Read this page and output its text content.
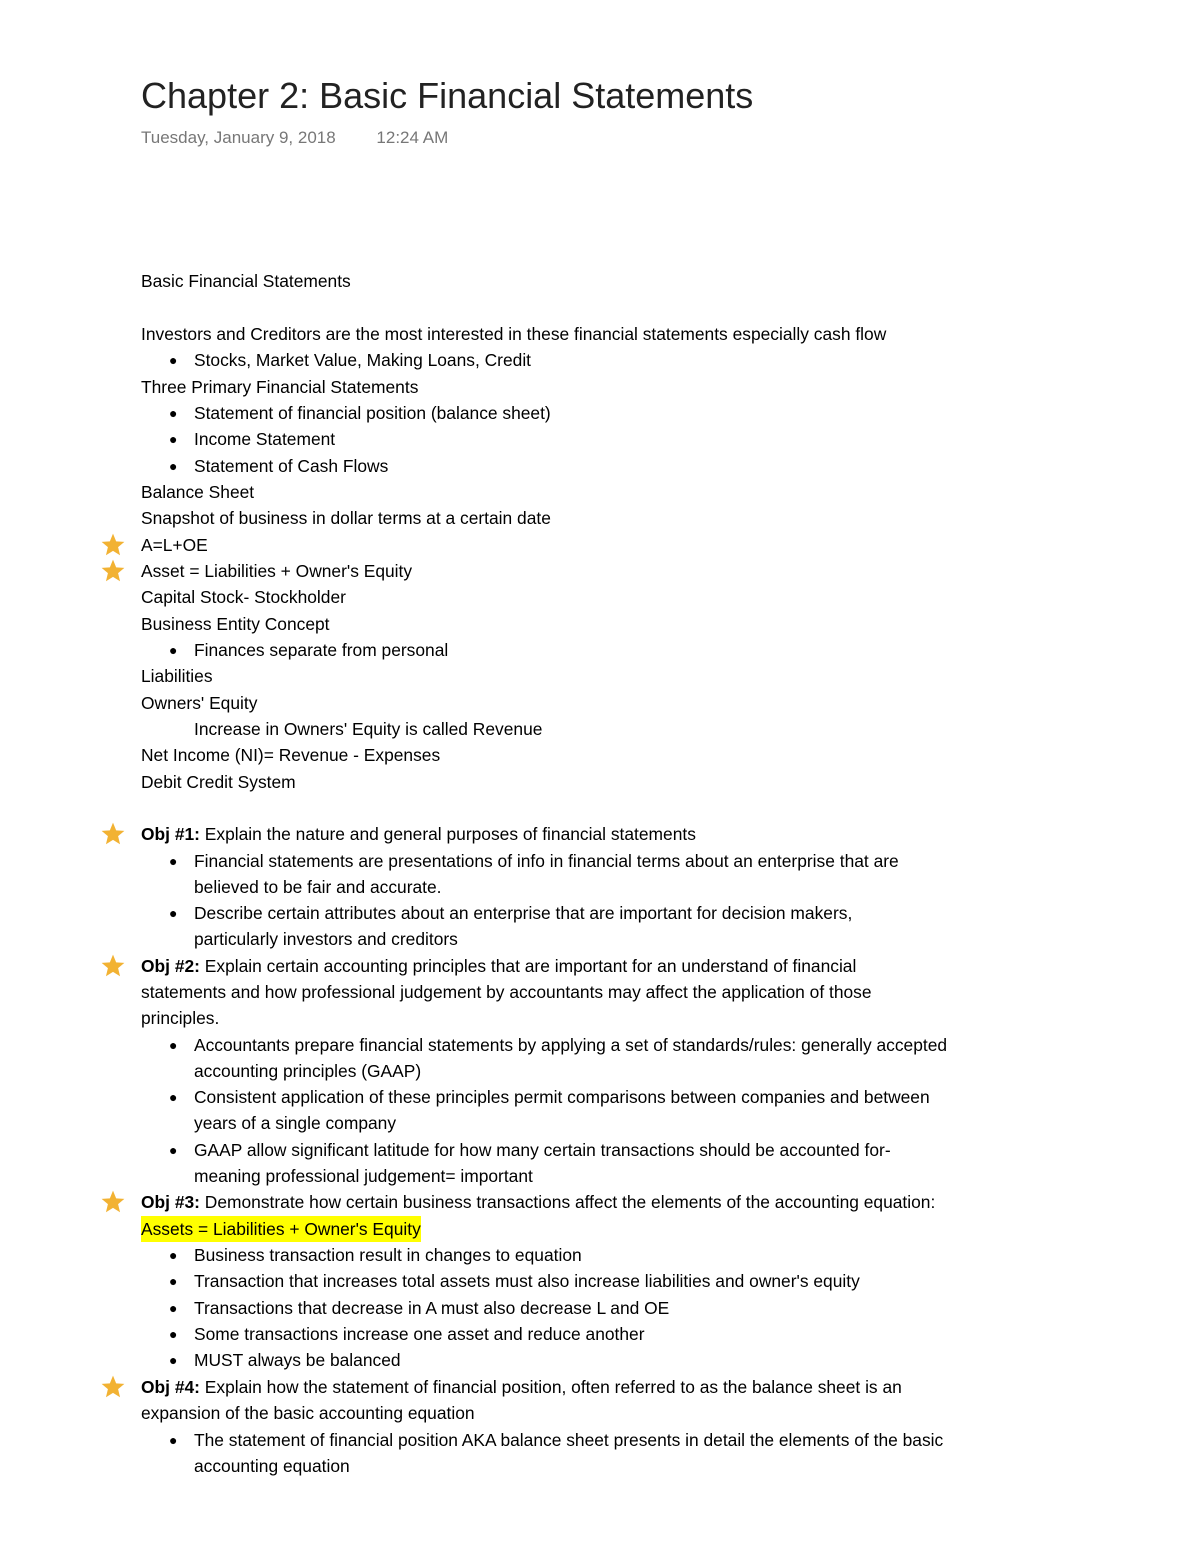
Chapter 2: Basic Financial Statements
Tuesday, January 9, 2018 12:24 AM
Basic Financial Statements
Investors and Creditors are the most interested in these financial statements especially cash flow
● Stocks, Market Value, Making Loans, Credit
Three Primary Financial Statements
● Statement of financial position (balance sheet)
● Income Statement
● Statement of Cash Flows
Balance Sheet
Snapshot of business in dollar terms at a certain date
A=L+OE
Asset = Liabilities + Owner's Equity
Capital Stock- Stockholder
Business Entity Concept
● Finances separate from personal
Liabilities
Owners' Equity
Increase in Owners' Equity is called Revenue
Net Income (NI)= Revenue - Expenses
Debit Credit System
Obj #1: Explain the nature and general purposes of financial statements
● Financial statements are presentations of info in financial terms about an enterprise that are
believed to be fair and accurate.
● Describe certain attributes about an enterprise that are important for decision makers,
particularly investors and creditors
Obj #2: Explain certain accounting principles that are important for an understand of financial
statements and how professional judgement by accountants may affect the application of those
principles.
● Accountants prepare financial statements by applying a set of standards/rules: generally accepted
accounting principles (GAAP)
● Consistent application of these principles permit comparisons between companies and between
years of a single company
● GAAP allow significant latitude for how many certain transactions should be accounted for-
meaning professional judgement= important
Obj #3: Demonstrate how certain business transactions affect the elements of the accounting equation:
Assets = Liabilities + Owner's Equity
● Business transaction result in changes to equation
● Transaction that increases total assets must also increase liabilities and owner's equity
● Transactions that decrease in A must also decrease L and OE
● Some transactions increase one asset and reduce another
● MUST always be balanced
Obj #4: Explain how the statement of financial position, often referred to as the balance sheet is an
expansion of the basic accounting equation
● The statement of financial position AKA balance sheet presents in detail the elements of the basic
accounting equation
